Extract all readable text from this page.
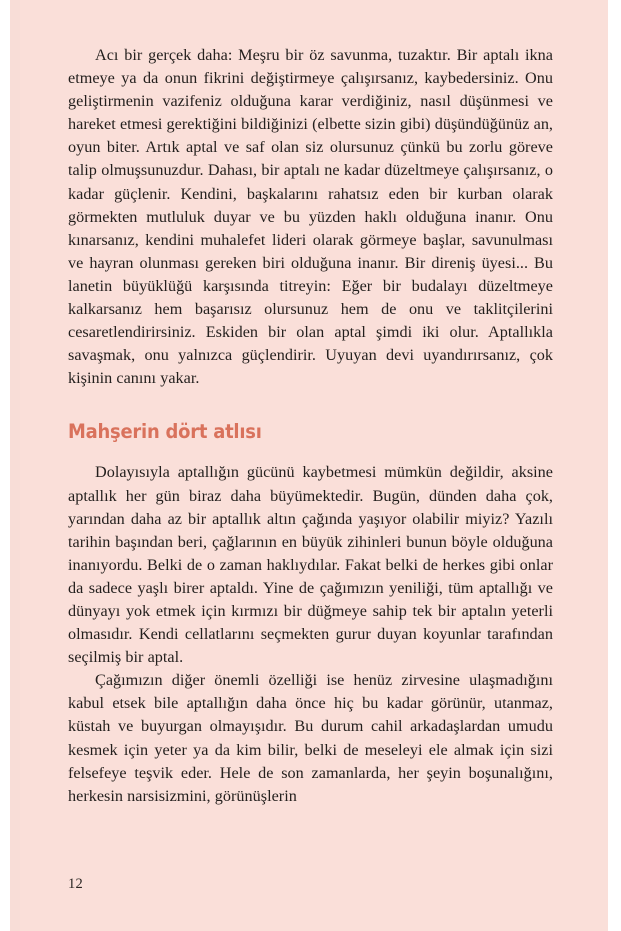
Acı bir gerçek daha: Meşru bir öz savunma, tuzaktır. Bir aptalı ikna etmeye ya da onun fikrini değiştirmeye çalışırsanız, kaybedersiniz. Onu geliştirmenin vazifeniz olduğuna karar verdiğiniz, nasıl düşünmesi ve hareket etmesi gerektiğini bildiğinizi (elbette sizin gibi) düşündüğünüz an, oyun biter. Artık aptal ve saf olan siz olursunuz çünkü bu zorlu göreve talip olmuşsunuzdur. Dahası, bir aptalı ne kadar düzeltmeye çalışırsanız, o kadar güçlenir. Kendini, başkalarını rahatsız eden bir kurban olarak görmekten mutluluk duyar ve bu yüzden haklı olduğuna inanır. Onu kınarsanız, kendini muhalefet lideri olarak görmeye başlar, savunulması ve hayran olunması gereken biri olduğuna inanır. Bir direniş üyesi... Bu lanetin büyüklüğü karşısında titreyin: Eğer bir budalayı düzeltmeye kalkarsanız hem başarısız olursunuz hem de onu ve taklitçilerini cesaretlendirirsiniz. Eskiden bir olan aptal şimdi iki olur. Aptallıkla savaşmak, onu yalnızca güçlendirir. Uyuyan devi uyandırırsanız, çok kişinin canını yakar.

Mahşerin dört atlısı

Dolayısıyla aptallığın gücünü kaybetmesi mümkün değildir, aksine aptallık her gün biraz daha büyümektedir. Bugün, dünden daha çok, yarından daha az bir aptallık altın çağında yaşıyor olabilir miyiz? Yazılı tarihin başından beri, çağlarının en büyük zihinleri bunun böyle olduğuna inanıyordu. Belki de o zaman haklıydılar. Fakat belki de herkes gibi onlar da sadece yaşlı birer aptaldı. Yine de çağımızın yeniliği, tüm aptallığı ve dünyayı yok etmek için kırmızı bir düğmeye sahip tek bir aptalın yeterli olmasıdır. Kendi cellatlarını seçmekten gurur duyan koyunlar tarafından seçilmiş bir aptal.

Çağımızın diğer önemli özelliği ise henüz zirvesine ulaşmadığını kabul etsek bile aptallığın daha önce hiç bu kadar görünür, utanmaz, küstah ve buyurgan olmayışıdır. Bu durum cahil arkadaşlardan umudu kesmek için yeter ya da kim bilir, belki de meseleyi ele almak için sizi felsefeye teşvik eder. Hele de son zamanlarda, her şeyin boşunalığını, herkesin narsisizmini, görünüşlerin

12
